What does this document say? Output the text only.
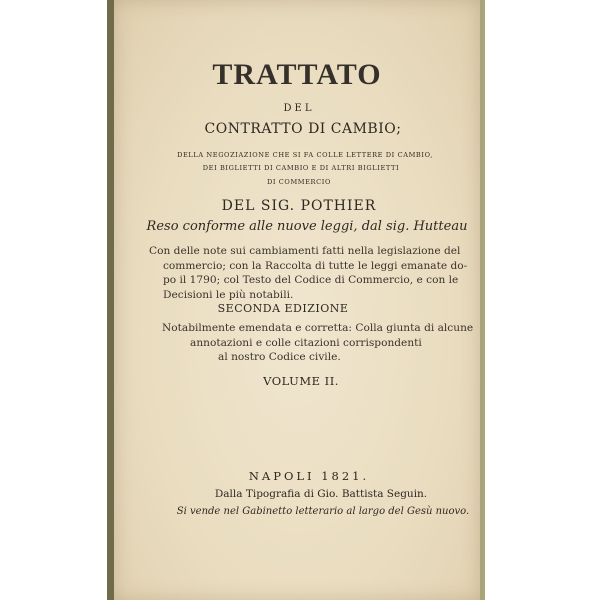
TRATTATO
DEL
CONTRATTO DI CAMBIO;
DELLA NEGOZIAZIONE CHE SI FA COLLE LETTERE DI CAMBIO,
DEI BIGLIETTI DI CAMBIO E DI ALTRI BIGLIETTI
DI COMMERCIO
DEL SIG. POTHIER
Reso conforme alle nuove leggi, dal sig. Hutteau
Con delle note sui cambiamenti fatti nella legislazione del
commercio; con la Raccolta di tutte le leggi emanate do-
po il 1790; col Testo del Codice di Commercio, e con le
Decisioni le più notabili.
SECONDA EDIZIONE
Notabilmente emendata e corretta: Colla giunta di alcune
annotazioni e colle citazioni corrispondenti
al nostro Codice civile.
VOLUME II.
NAPOLI 1821.
Dalla Tipografia di Gio. Battista Seguin.
Si vende nel Gabinetto letterario al largo del Gesù nuovo.
